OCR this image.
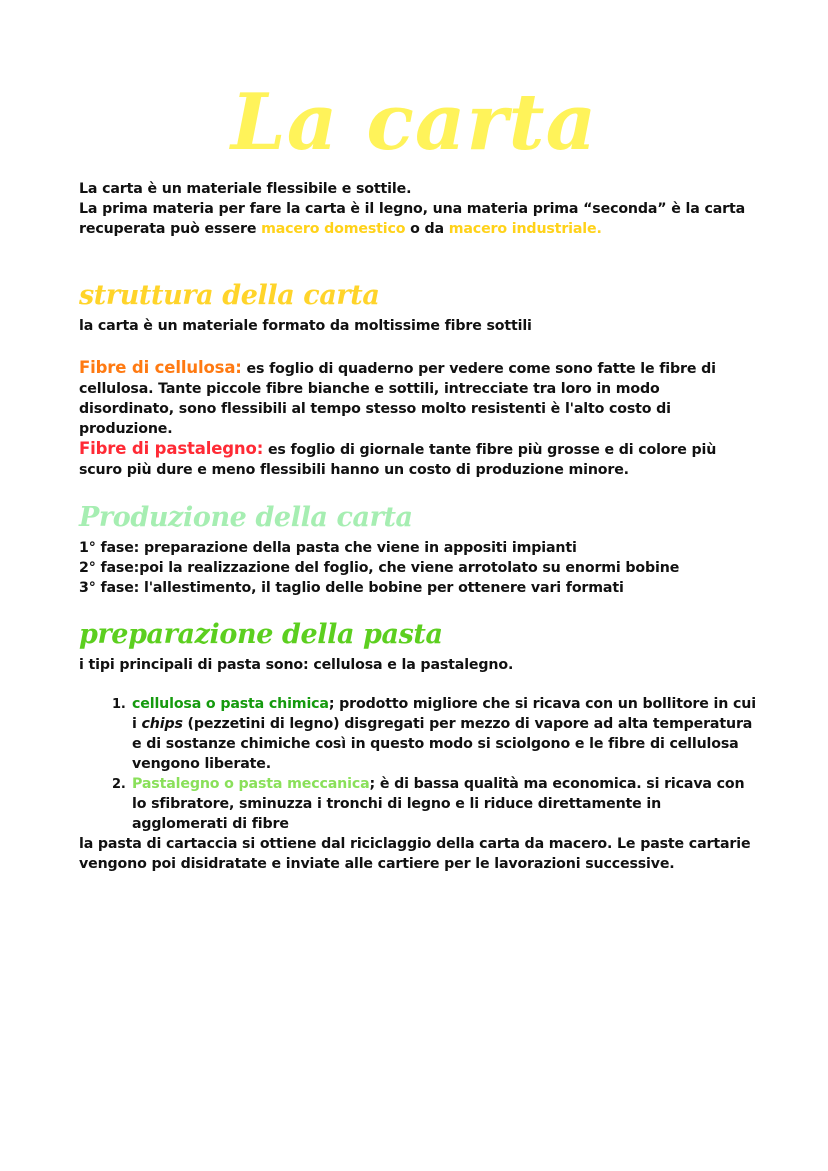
La carta

La carta è un materiale flessibile e sottile.

La prima materia per fare la carta è il legno, una materia prima “seconda” è la carta recuperata può essere macero domestico o da macero industriale.

struttura della carta

la carta è un materiale formato da moltissime fibre sottili

Fibre di cellulosa: es foglio di quaderno per vedere come sono fatte le fibre di cellulosa. Tante piccole fibre bianche e sottili, intrecciate tra loro in modo disordinato, sono flessibili al tempo stesso molto resistenti è l'alto costo di produzione.

Fibre di pastalegno: es foglio di giornale tante fibre più grosse e di colore più scuro più dure e meno flessibili hanno un costo di produzione minore.

Produzione della carta

1° fase: preparazione della pasta che viene in appositi impianti

2° fase:poi la realizzazione del foglio, che viene arrotolato su enormi bobine

3° fase: l'allestimento, il taglio delle bobine per ottenere vari formati

preparazione della pasta

i tipi principali di pasta sono: cellulosa e la pastalegno.

1. cellulosa o pasta chimica; prodotto migliore che si ricava con un bollitore in cui i chips (pezzetini di legno) disgregati per mezzo di vapore ad alta temperatura e di sostanze chimiche così in questo modo si sciolgono e le fibre di cellulosa vengono liberate.
2. Pastalegno o pasta meccanica; è di bassa qualità ma economica. si ricava con lo sfibratore, sminuzza i tronchi di legno e li riduce direttamente in agglomerati di fibre

la pasta di cartaccia si ottiene dal riciclaggio della carta da macero. Le paste cartarie vengono poi disidratate e inviate alle cartiere per le lavorazioni successive.
